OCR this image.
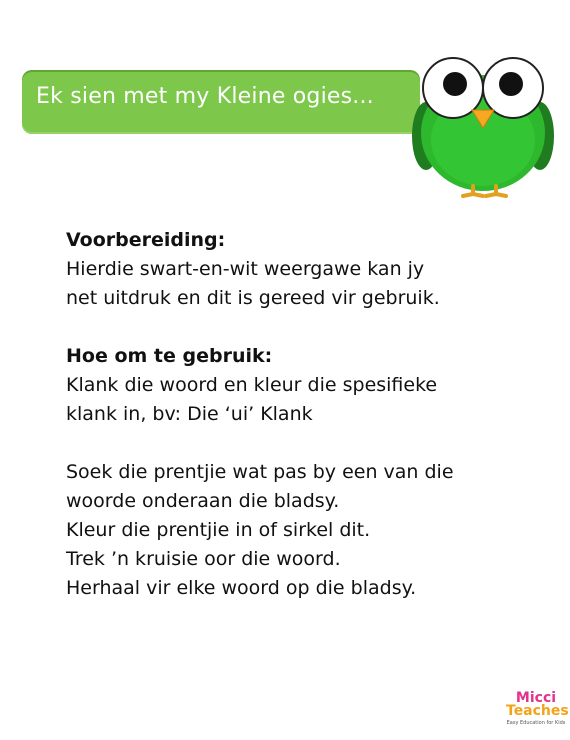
Ek sien met my Kleine ogies...
Voorbereiding:
Hierdie swart-en-wit weergawe kan jy
net uitdruk en dit is gereed vir gebruik.
Hoe om te gebruik:
Klank die woord en kleur die spesifieke
klank in, bv: Die ‘ui’ Klank
Soek die prentjie wat pas by een van die
woorde onderaan die bladsy.
Kleur die prentjie in of sirkel dit.
Trek ’n kruisie oor die woord.
Herhaal vir elke woord op die bladsy.
Micci
Teaches
Easy Education for Kids
